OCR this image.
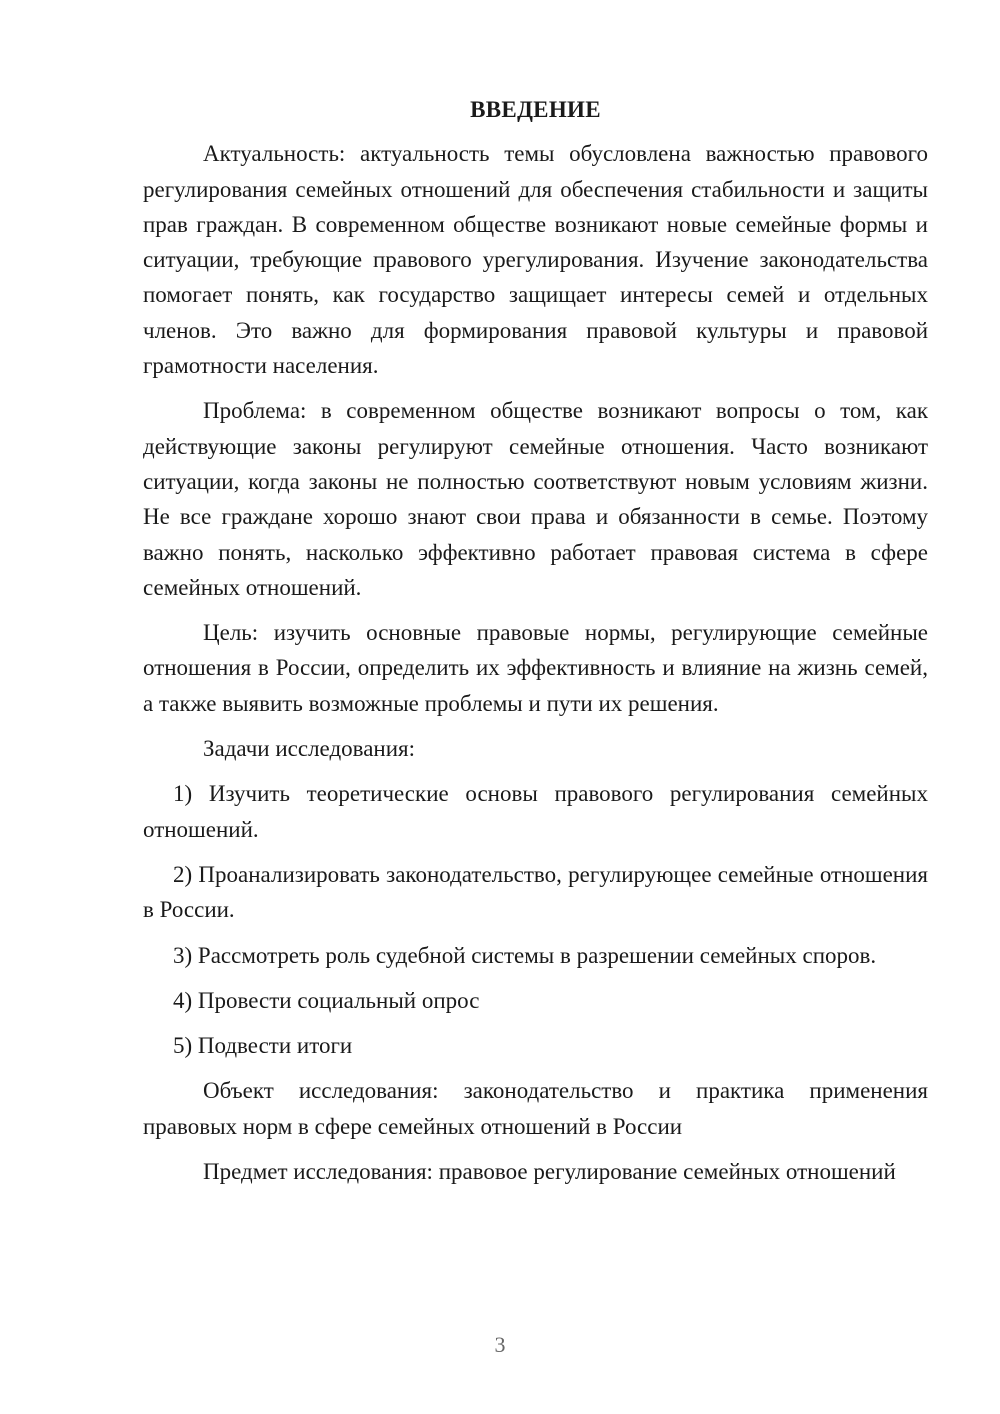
ВВЕДЕНИЕ

Актуальность: актуальность темы обусловлена важностью правового регулирования семейных отношений для обеспечения стабильности и защиты прав граждан. В современном обществе возникают новые семейные формы и ситуации, требующие правового урегулирования. Изучение законодательства помогает понять, как государство защищает интересы семей и отдельных членов. Это важно для формирования правовой культуры и правовой грамотности населения.

Проблема: в современном обществе возникают вопросы о том, как действующие законы регулируют семейные отношения. Часто возникают ситуации, когда законы не полностью соответствуют новым условиям жизни. Не все граждане хорошо знают свои права и обязанности в семье. Поэтому важно понять, насколько эффективно работает правовая система в сфере семейных отношений.

Цель: изучить основные правовые нормы, регулирующие семейные отношения в России, определить их эффективность и влияние на жизнь семей, а также выявить возможные проблемы и пути их решения.

Задачи исследования:

1) Изучить теоретические основы правового регулирования семейных отношений.

2) Проанализировать законодательство, регулирующее семейные отношения в России.

3) Рассмотреть роль судебной системы в разрешении семейных споров.

4) Провести социальный опрос

5) Подвести итоги

Объект исследования: законодательство и практика применения правовых норм в сфере семейных отношений в России

Предмет исследования: правовое регулирование семейных отношений

3
